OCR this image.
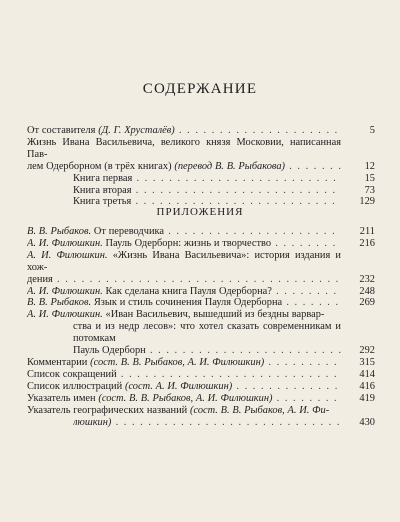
СОДЕРЖАНИЕ
От составителя (Д. Г. Хрусталёв) . . .	5
Жизнь Ивана Васильевича, великого князя Московии, написанная Пав-
лем Одерборном (в трёх книгах) (перевод В. В. Рыбакова) . . .	12
Книга первая . . .	15
Книга вторая . . .	73
Книга третья . . .	129
ПРИЛОЖЕНИЯ
В. В. Рыбаков. От переводчика . . .	211
А. И. Филюшкин. Пауль Одерборн: жизнь и творчество . . .	216
А. И. Филюшкин. «Жизнь Ивана Васильевича»: история издания и хож-
дения . . .	232
А. И. Филюшкин. Как сделана книга Пауля Одерборна? . . .	248
В. В. Рыбаков. Язык и стиль сочинения Пауля Одерборна . . .	269
А. И. Филюшкин. «Иван Васильевич, вышедший из бездны варвар-
ства и из недр лесов»: что хотел сказать современникам и потомкам
Пауль Одерборн . . .	292
Комментарии (сост. В. В. Рыбаков, А. И. Филюшкин) . . .	315
Список сокращений . . .	414
Список иллюстраций (сост. А. И. Филюшкин) . . .	416
Указатель имен (сост. В. В. Рыбаков, А. И. Филюшкин) . . .	419
Указатель географических названий (сост. В. В. Рыбаков, А. И. Фи-
люшкин) . . .	430
